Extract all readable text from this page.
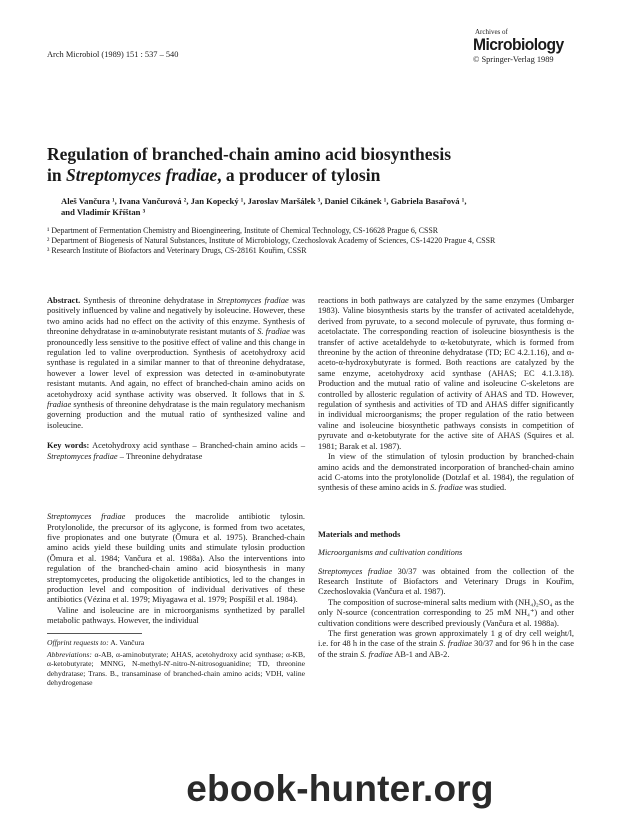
Arch Microbiol (1989) 151 : 537 – 540
Archives of
Microbiology
© Springer-Verlag 1989
Regulation of branched-chain amino acid biosynthesis
in Streptomyces fradiae, a producer of tylosin
Aleš Vančura ¹, Ivana Vančurová ², Jan Kopecký ¹, Jaroslav Maršálek ³, Daniel Cikánek ¹, Gabriela Basařová ¹,
and Vladimír Kříštan ³
¹ Department of Fermentation Chemistry and Bioengineering, Institute of Chemical Technology, CS-16628 Prague 6, CSSR
² Department of Biogenesis of Natural Substances, Institute of Microbiology, Czechoslovak Academy of Sciences, CS-14220 Prague 4, CSSR
³ Research Institute of Biofactors and Veterinary Drugs, CS-28161 Kouřim, CSSR

Abstract. Synthesis of threonine dehydratase in Streptomyces fradiae was positively influenced by valine and negatively by isoleucine. However, these two amino acids had no effect on the activity of this enzyme. Synthesis of threonine dehydratase in α-aminobutyrate resistant mutants of S. fradiae was pronouncedly less sensitive to the positive effect of valine and this change in regulation led to valine overproduction. Synthesis of acetohydroxy acid synthase is regulated in a similar manner to that of threonine dehydratase, however a lower level of expression was detected in α-aminobutyrate resistant mutants. And again, no effect of branched-chain amino acids on acetohydroxy acid synthase activity was observed. It follows that in S. fradiae synthesis of threonine dehydratase is the main regulatory mechanism governing production and the mutual ratio of synthesized valine and isoleucine.

Key words: Acetohydroxy acid synthase – Branched-chain amino acids – Streptomyces fradiae – Threonine dehydratase

Streptomyces fradiae produces the macrolide antibiotic tylosin. Protylonolide, the precursor of its aglycone, is formed from two acetates, five propionates and one butyrate (Ōmura et al. 1975). Branched-chain amino acids yield these building units and stimulate tylosin production (Ōmura et al. 1984; Vančura et al. 1988a). Also the interventions into regulation of the branched-chain amino acid biosynthesis in many streptomycetes, producing the oligoketide antibiotics, led to the changes in production level and composition of individual derivatives of these antibiotics (Vézina et al. 1979; Miyagawa et al. 1979; Pospíšil et al. 1984).

Valine and isoleucine are in microorganisms synthetized by parallel metabolic pathways. However, the individual

Offprint requests to: A. Vančura

Abbreviations: α-AB, α-aminobutyrate; AHAS, acetohydroxy acid synthase; α-KB, α-ketobutyrate; MNNG, N-methyl-N'-nitro-N-nitrosoguanidine; TD, threonine dehydratase; Trans. B., transaminase of branched-chain amino acids; VDH, valine dehydrogenase

reactions in both pathways are catalyzed by the same enzymes (Umbarger 1983). Valine biosynthesis starts by the transfer of activated acetaldehyde, derived from pyruvate, to a second molecule of pyruvate, thus forming α-acetolactate. The corresponding reaction of isoleucine biosynthesis is the transfer of active acetaldehyde to α-ketobutyrate, which is formed from threonine by the action of threonine dehydratase (TD; EC 4.2.1.16), and α-aceto-α-hydroxybutyrate is formed. Both reactions are catalyzed by the same enzyme, acetohydroxy acid synthase (AHAS; EC 4.1.3.18). Production and the mutual ratio of valine and isoleucine C-skeletons are controlled by allosteric regulation of activity of AHAS and TD. However, regulation of synthesis and activities of TD and AHAS differ significantly in individual microorganisms; the proper regulation of the ratio between valine and isoleucine biosynthetic pathways consists in competition of pyruvate and α-ketobutyrate for the active site of AHAS (Squires et al. 1981; Barak et al. 1987).

In view of the stimulation of tylosin production by branched-chain amino acids and the demonstrated incorporation of branched-chain amino acid C-atoms into the protylonolide (Dotzlaf et al. 1984), the regulation of synthesis of these amino acids in S. fradiae was studied.

Materials and methods
Microorganisms and cultivation conditions

Streptomyces fradiae 30/37 was obtained from the collection of the Research Institute of Biofactors and Veterinary Drugs in Kouřim, Czechoslovakia (Vančura et al. 1987).

The composition of sucrose-mineral salts medium with (NH₄)₂SO₄ as the only N-source (concentration corresponding to 25 mM NH₄⁺) and other cultivation conditions were described previously (Vančura et al. 1988a).

The first generation was grown approximately 1 g of dry cell weight/l, i.e. for 48 h in the case of the strain S. fradiae 30/37 and for 96 h in the case of the strain S. fradiae AB-1 and AB-2.

ebook-hunter.org
